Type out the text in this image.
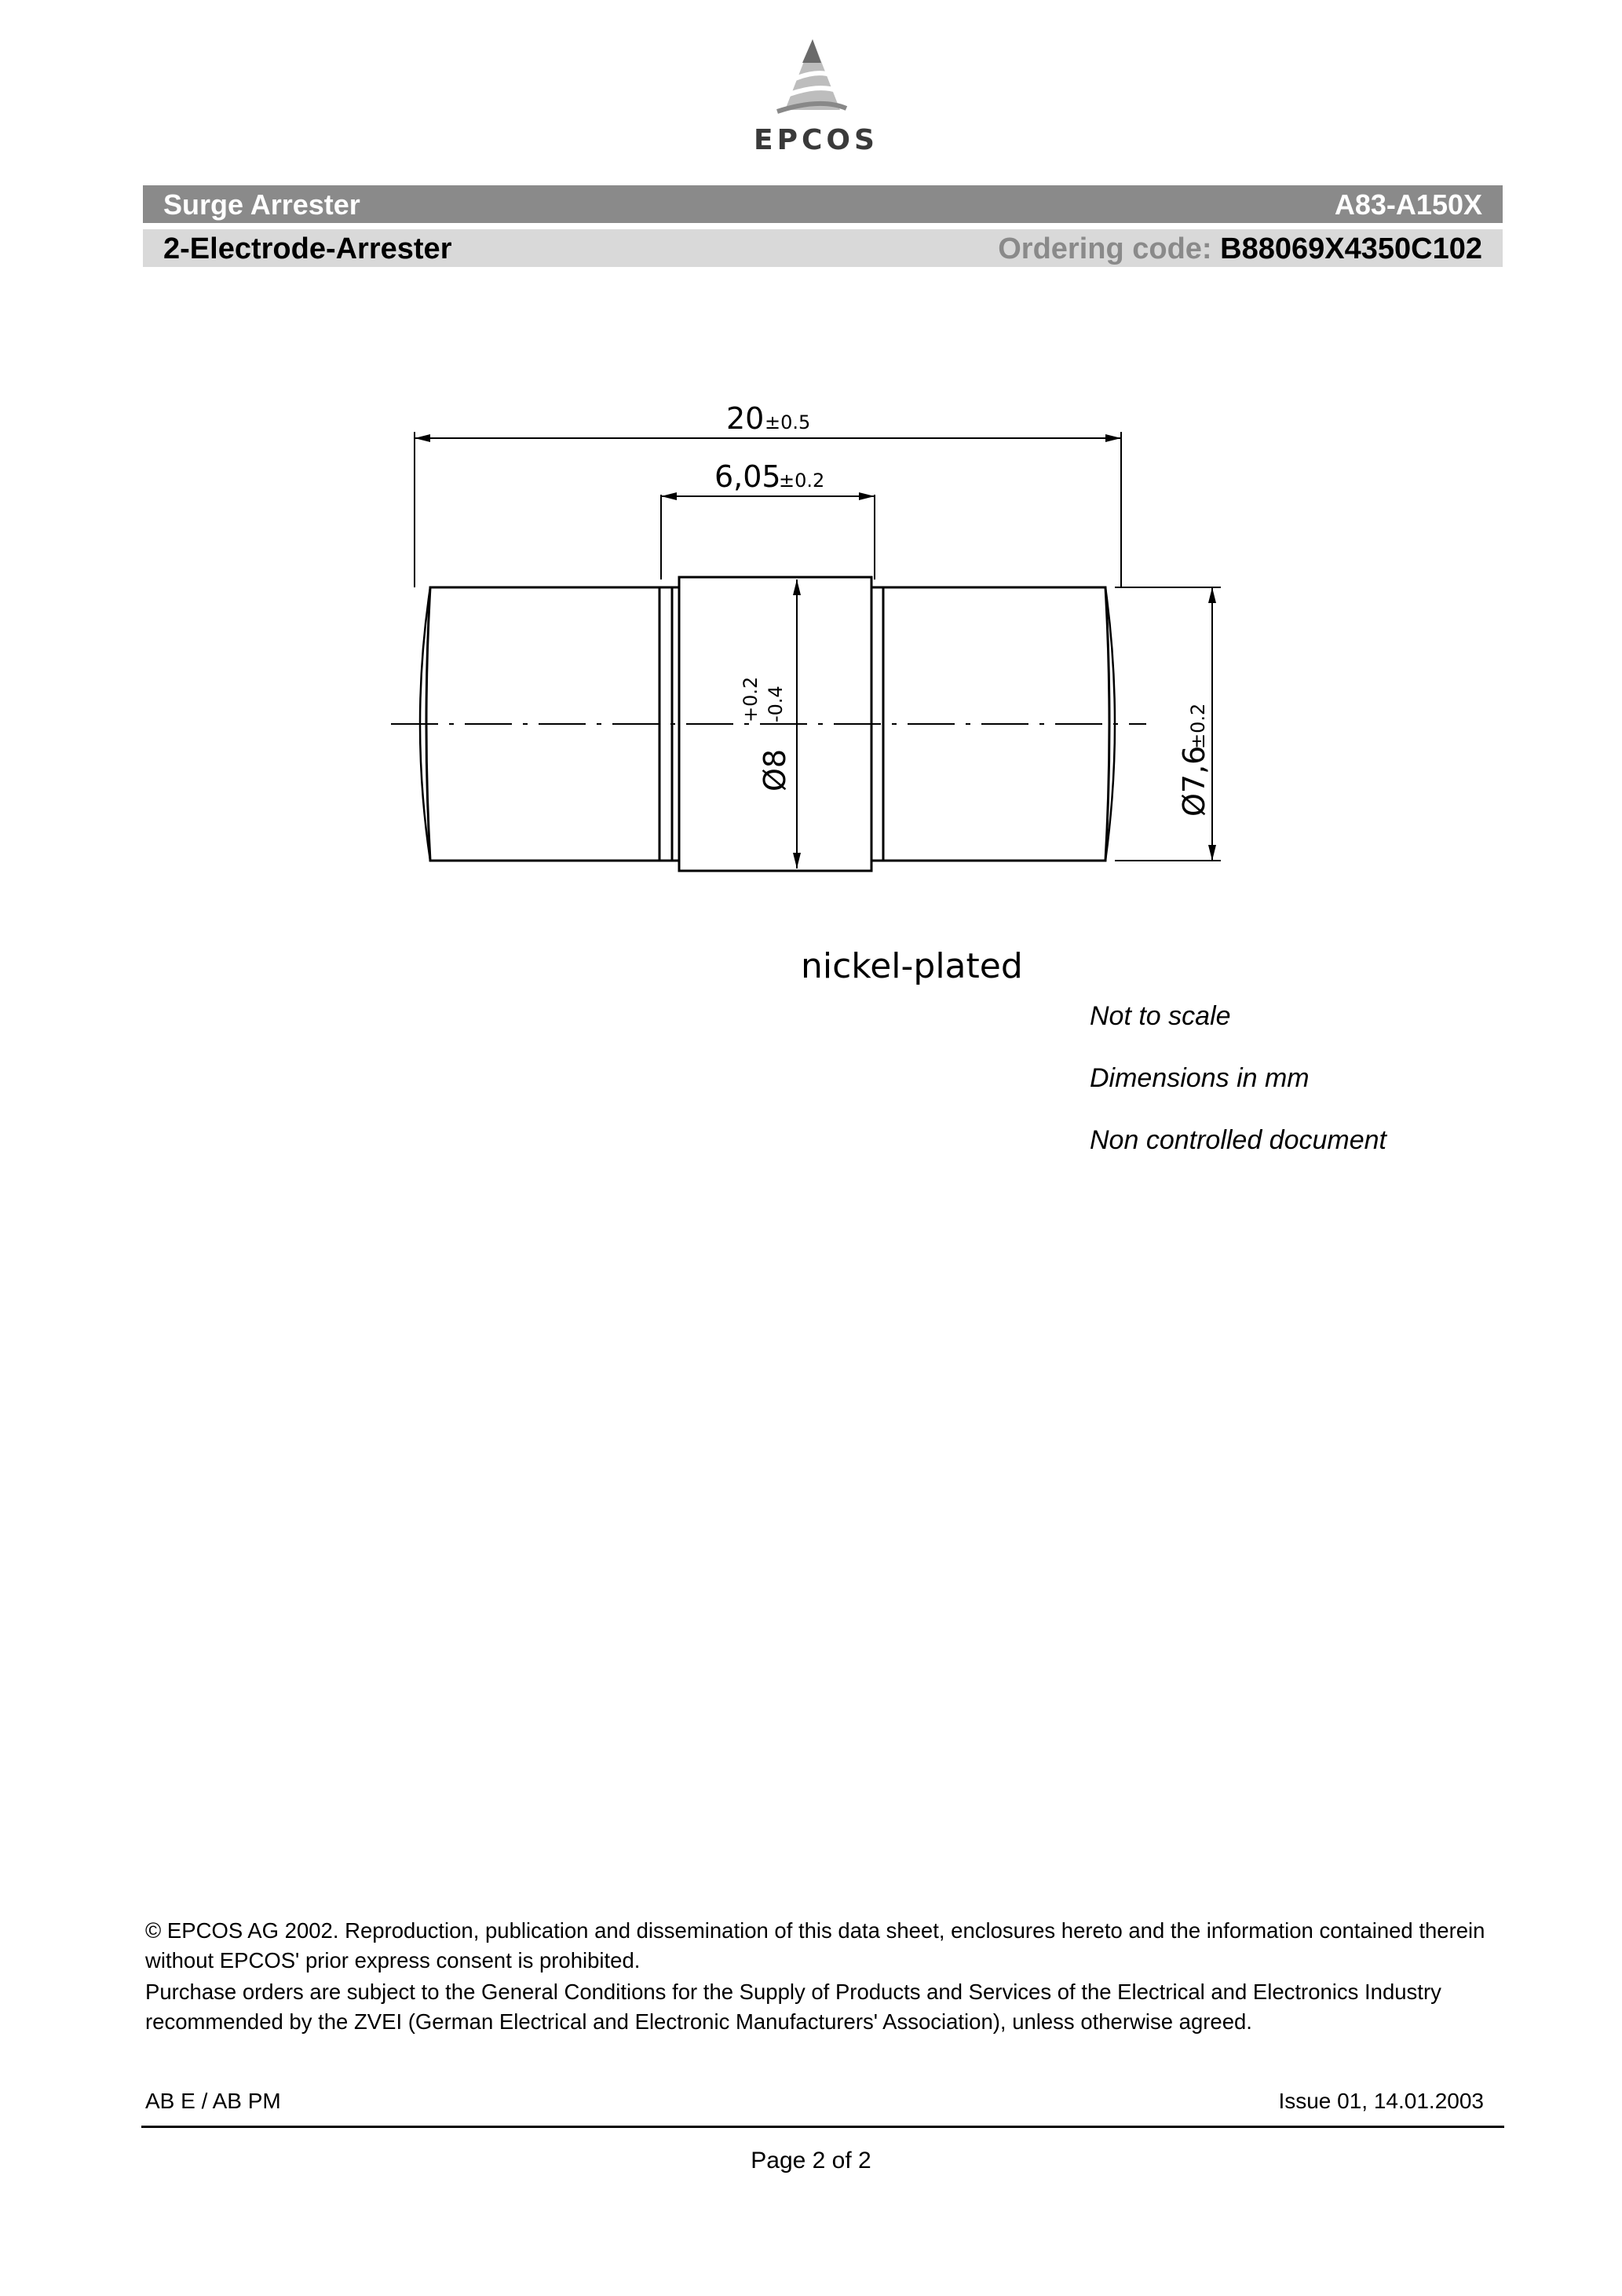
EPCOS
Surge Arrester	A83-A150X
2-Electrode-Arrester	Ordering code: B88069X4350C102
20 ±0.5
6,05
±0.2
Ø8
+0.2 -0.4
Ø7,6
±0.2
nickel-plated
Not to scale
Dimensions in mm
Non controlled document

© EPCOS AG 2002. Reproduction, publication and dissemination of this data sheet, enclosures hereto and the information contained therein without EPCOS' prior express consent is prohibited.

Purchase orders are subject to the General Conditions for the Supply of Products and Services of the Electrical and Electronics Industry recommended by the ZVEI (German Electrical and Electronic Manufacturers' Association), unless otherwise agreed.

AB E / AB PM	Issue 01, 14.01.2003
Page 2 of 2
